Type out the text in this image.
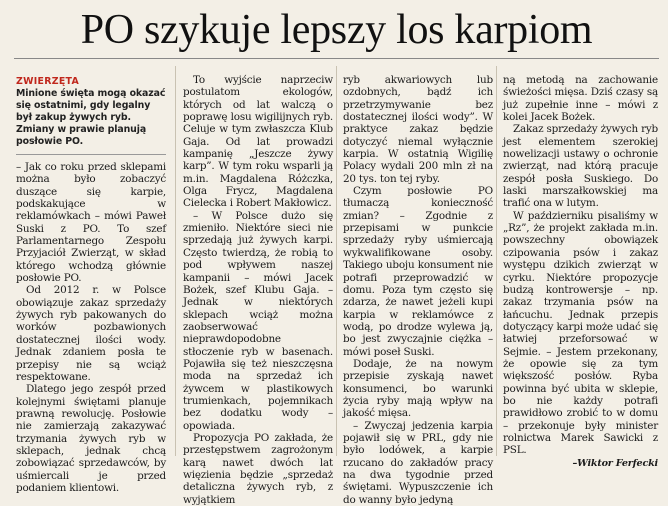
PO szykuje lepszy los karpiom
ZWIERZĘTA
Minione święta mogą okazać się ostatnimi, gdy legalny był zakup żywych ryb. Zmiany w prawie planują posłowie PO.

– Jak co roku przed sklepami można było zobaczyć duszące się karpie, podskakujące w reklamówkach – mówi Paweł Suski z PO. To szef Parlamentarnego Zespołu Przyjaciół Zwierząt, w skład którego wchodzą głównie posłowie PO.

Od 2012 r. w Polsce obowiązuje zakaz sprzedaży żywych ryb pakowanych do worków pozbawionych dostatecznej ilości wody. Jednak zdaniem posła te przepisy nie są wciąż respektowane.

Dlatego jego zespół przed kolejnymi świętami planuje prawną rewolucję. Posłowie nie zamierzają zakazywać trzymania żywych ryb w sklepach, jednak chcą zobowiązać sprzedawców, by uśmiercali je przed podaniem klientowi.

To wyjście naprzeciw postulatom ekologów, których od lat walczą o poprawę losu wigilijnych ryb. Celuje w tym zwłaszcza Klub Gaja. Od lat prowadzi kampanię „Jeszcze żywy karp”. W tym roku wsparli ją m.in. Magdalena Różczka, Olga Frycz, Magdalena Cielecka i Robert Makłowicz.

– W Polsce dużo się zmieniło. Niektóre sieci nie sprzedają już żywych karpi. Często twierdzą, że robią to pod wpływem naszej kampanii – mówi Jacek Bożek, szef Klubu Gaja. – Jednak w niektórych sklepach wciąż można zaobserwować nieprawdopodobne stłoczenie ryb w basenach. Pojawiła się też nieszczęsna moda na sprzedaż ich żywcem w plastikowych trumienkach, pojemnikach bez dodatku wody – opowiada.

Propozycja PO zakłada, że przestępstwem zagrożonym karą nawet dwóch lat więzienia będzie „sprzedaż detaliczna żywych ryb, z wyjątkiem

ryb akwariowych lub ozdobnych, bądź ich przetrzymywanie bez dostatecznej ilości wody”. W praktyce zakaz będzie dotyczyć niemal wyłącznie karpia. W ostatnią Wigilię Polacy wydali 200 mln zł na 20 tys. ton tej ryby.

Czym posłowie PO tłumaczą konieczność zmian? – Zgodnie z przepisami w punkcie sprzedaży ryby uśmiercają wykwalifikowane osoby. Takiego uboju konsument nie potrafi przeprowadzić w domu. Poza tym często się zdarza, że nawet jeżeli kupi karpia w reklamówce z wodą, po drodze wylewa ją, bo jest zwyczajnie ciężka – mówi poseł Suski.

Dodaje, że na nowym przepisie zyskają nawet konsumenci, bo warunki życia ryby mają wpływ na jakość mięsa.

– Zwyczaj jedzenia karpia pojawił się w PRL, gdy nie było lodówek, a karpie rzucano do zakładów pracy na dwa tygodnie przed świętami. Wypuszczenie ich do wanny było jedyną

ną metodą na zachowanie świeżości mięsa. Dziś czasy są już zupełnie inne – mówi z kolei Jacek Bożek.

Zakaz sprzedaży żywych ryb jest elementem szerokiej nowelizacji ustawy o ochronie zwierząt, nad którą pracuje zespół posła Suskiego. Do laski marszałkowskiej ma trafić ona w lutym.

W październiku pisaliśmy w „Rz”, że projekt zakłada m.in. powszechny obowiązek czipowania psów i zakaz występu dzikich zwierząt w cyrku. Niektóre propozycje budzą kontrowersje – np. zakaz trzymania psów na łańcuchu. Jednak przepis dotyczący karpi może udać się łatwiej przeforsować w Sejmie. – Jestem przekonany, że opowie się za tym większość posłów. Ryba powinna być ubita w sklepie, bo nie każdy potrafi prawidłowo zrobić to w domu – przekonuje były minister rolnictwa Marek Sawicki z PSL.

–Wiktor Ferfecki
